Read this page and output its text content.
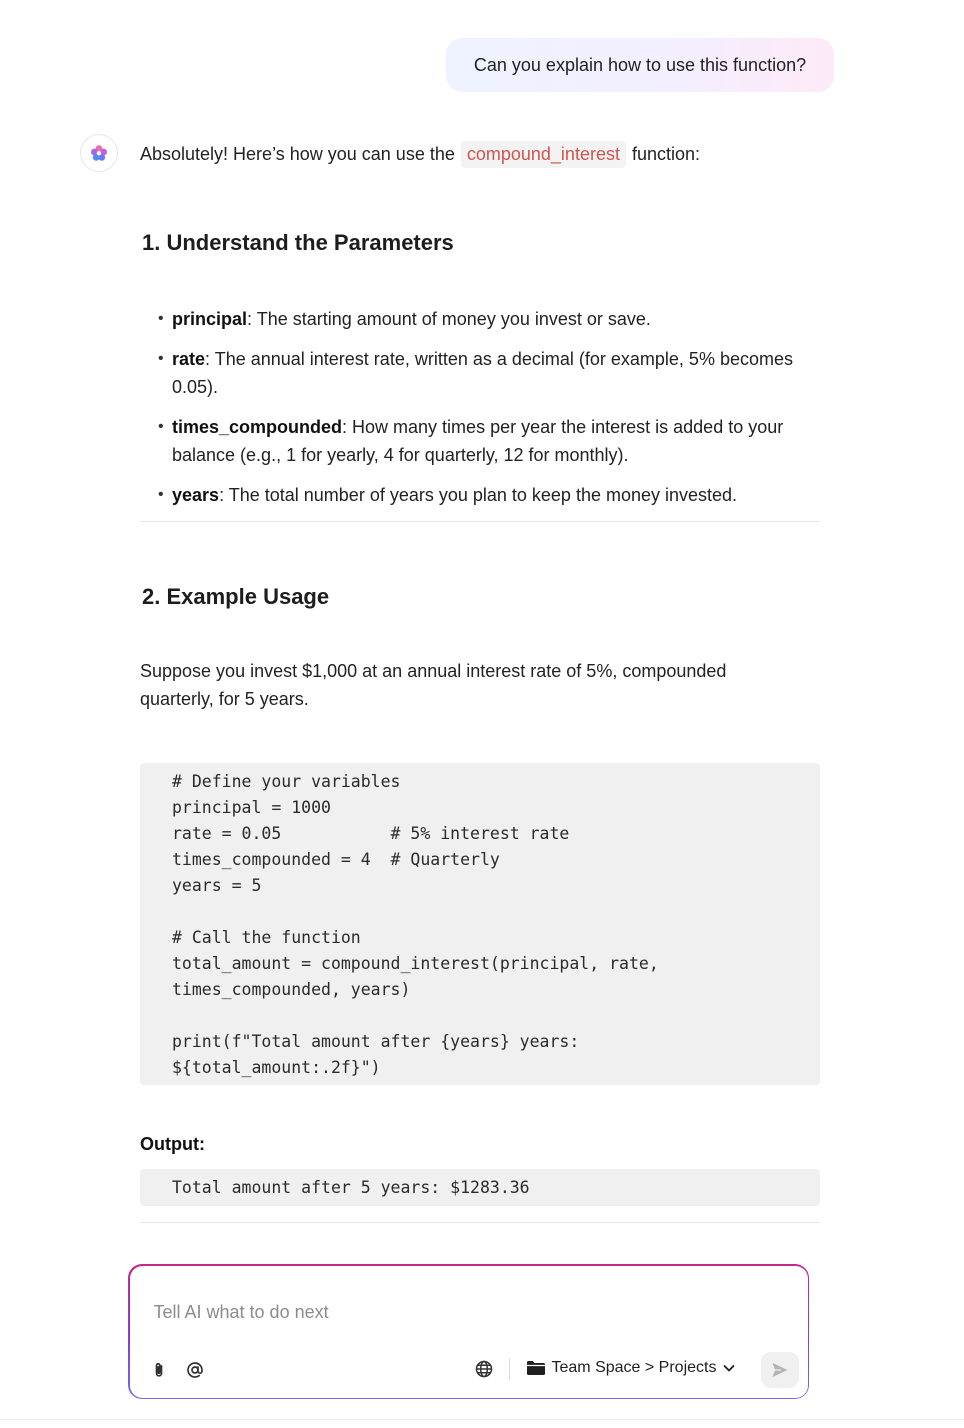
Can you explain how to use this function?
Absolutely! Here’s how you can use the compound_interest function:
1. Understand the Parameters
• principal: The starting amount of money you invest or save.
• rate: The annual interest rate, written as a decimal (for example, 5% becomes 0.05).
• times_compounded: How many times per year the interest is added to your balance (e.g., 1 for yearly, 4 for quarterly, 12 for monthly).
• years: The total number of years you plan to keep the money invested.
2. Example Usage
Suppose you invest $1,000 at an annual interest rate of 5%, compounded quarterly, for 5 years.
# Define your variables
principal = 1000
rate = 0.05           # 5% interest rate
times_compounded = 4  # Quarterly
years = 5
# Call the function
total_amount = compound_interest(principal, rate,
times_compounded, years)
print(f"Total amount after {years} years:
${total_amount:.2f}")
Output:
Total amount after 5 years: $1283.36
Tell AI what to do next
Team Space > Projects
